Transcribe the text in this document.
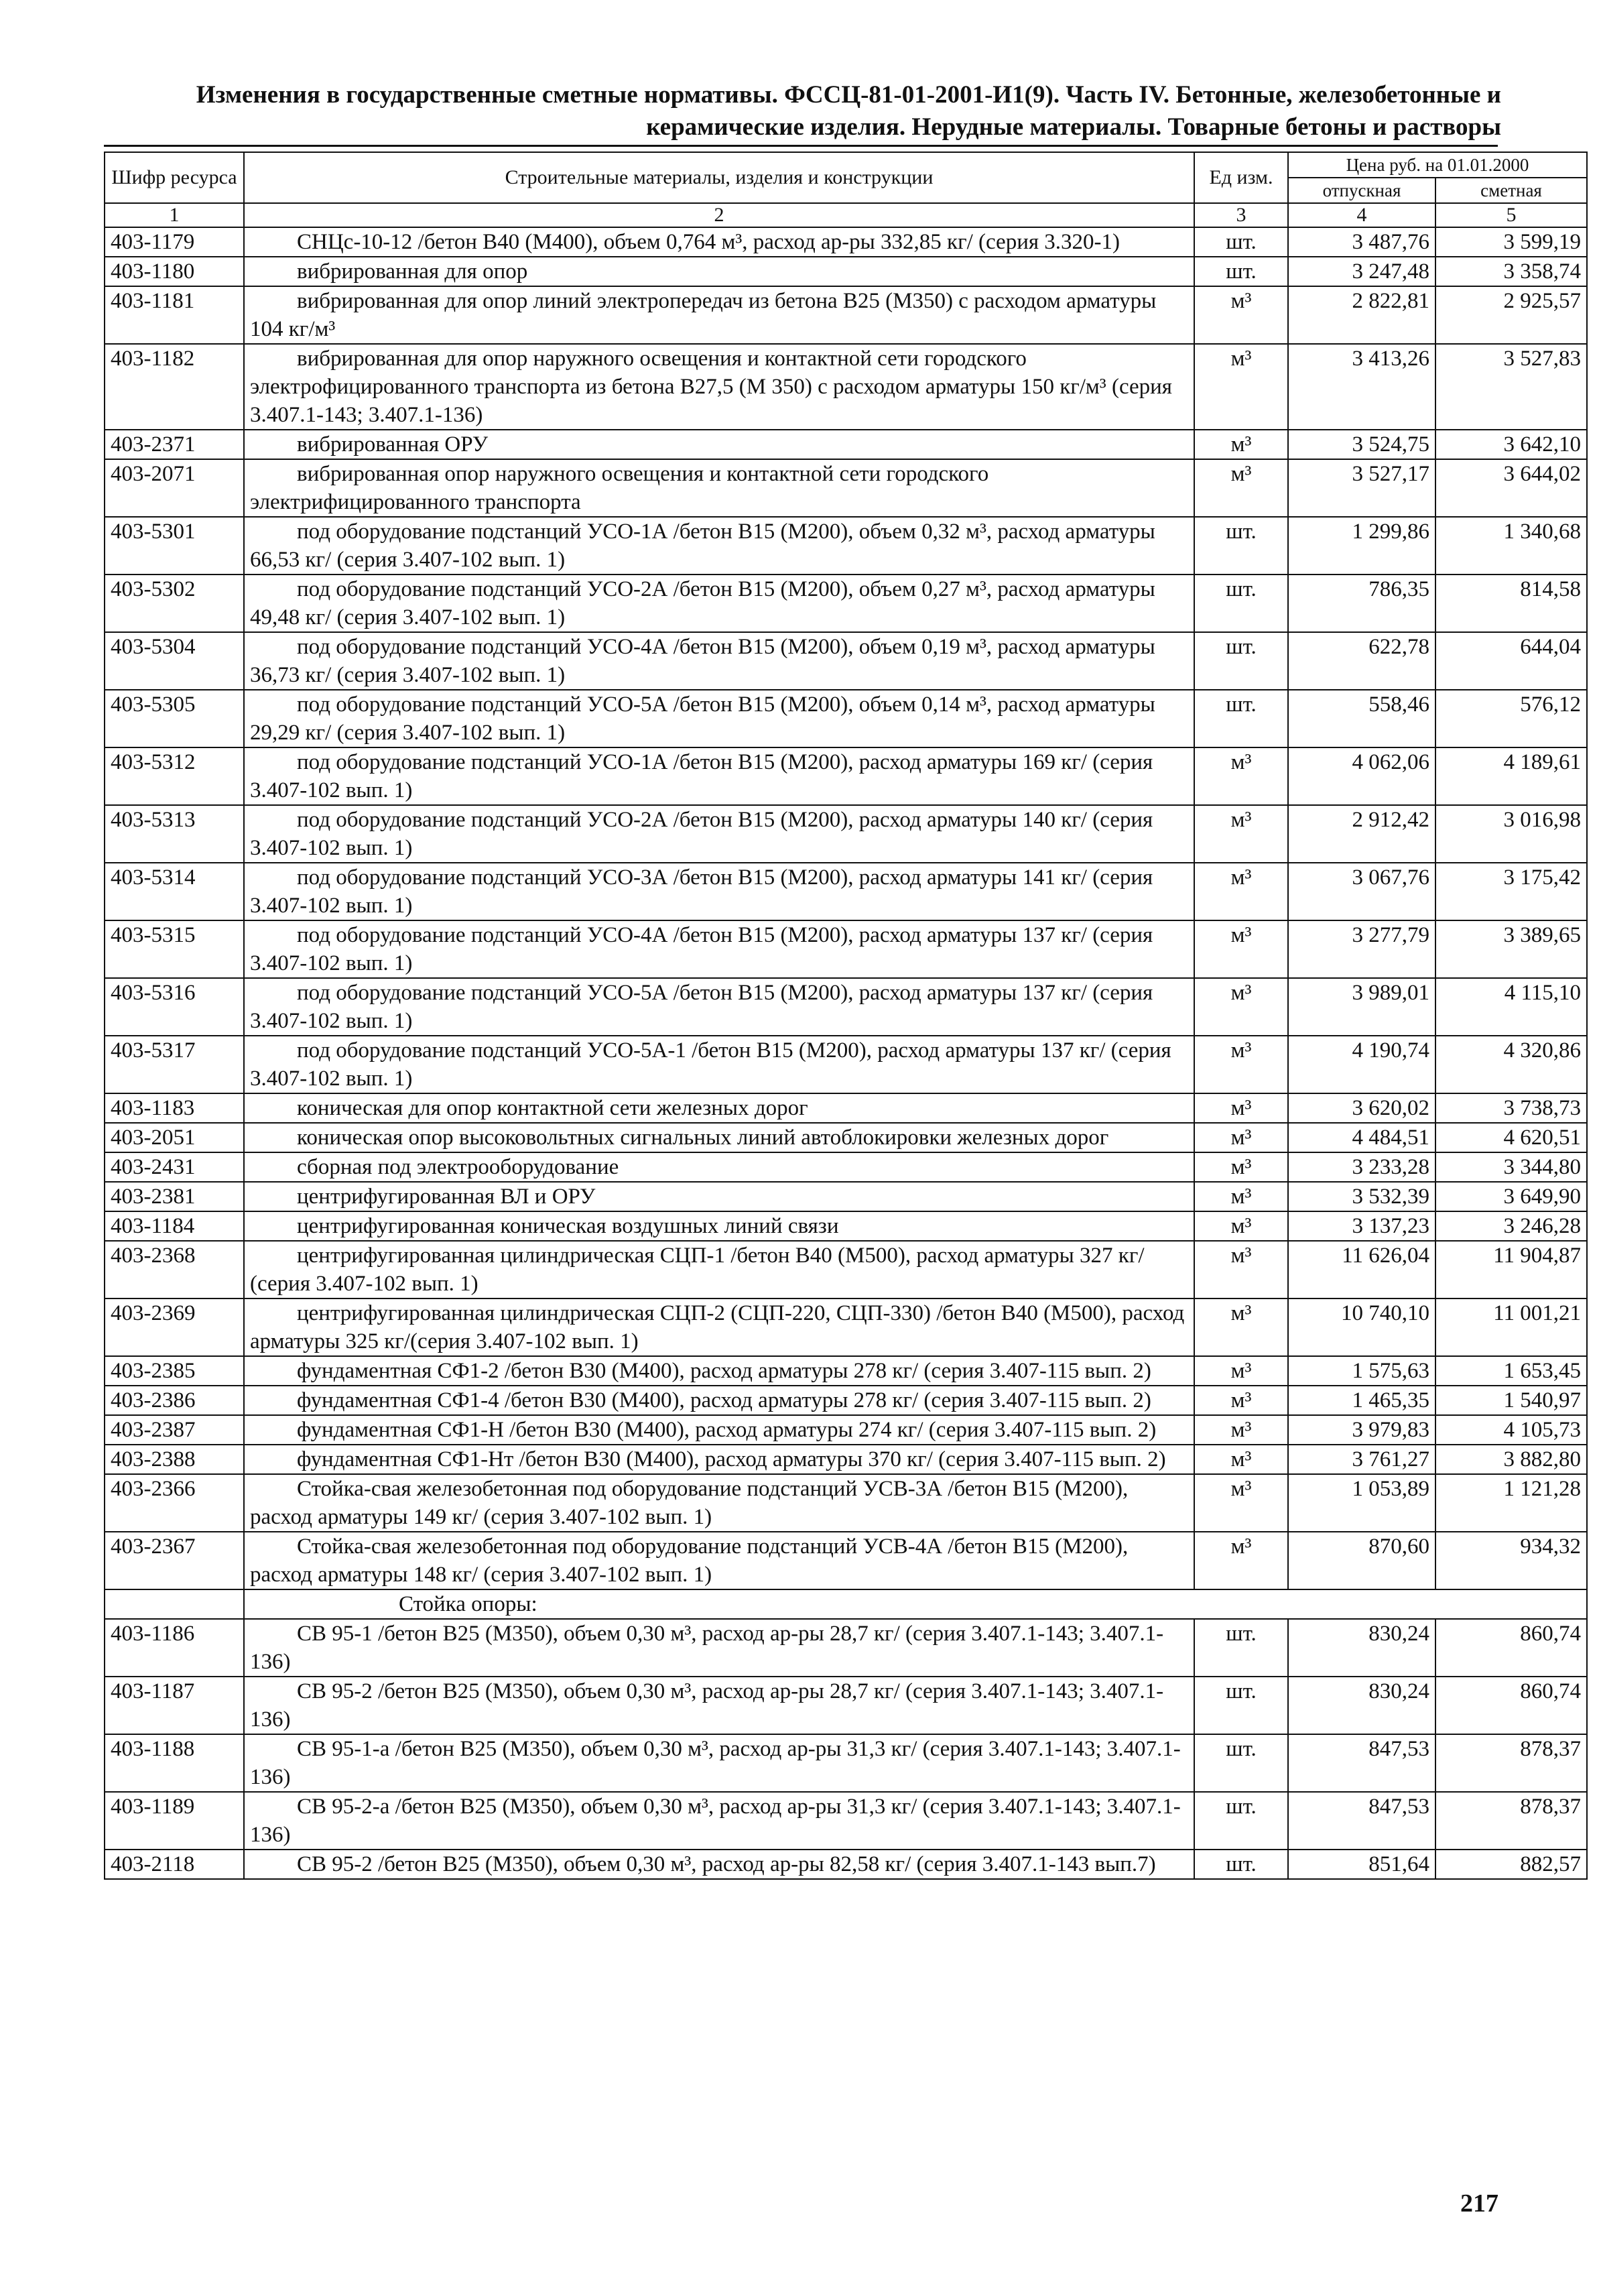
Изменения в государственные сметные нормативы. ФССЦ-81-01-2001-И1(9). Часть IV. Бетонные, железобетонные и
керамические изделия. Нерудные материалы. Товарные бетоны и растворы
Шифр ресурса	Строительные материалы, изделия и конструкции	Ед изм.	Цена руб. на 01.01.2000	
			отпускная	сметная
1	2	3	4	5
403-1179	СНЦс-10-12 /бетон В40 (М400), объем 0,764 м³, расход ар-ры 332,85 кг/ (серия 3.320-1)	шт.	3 487,76	3 599,19
403-1180	вибрированная для опор	шт.	3 247,48	3 358,74
403-1181	вибрированная для опор линий электропередач из бетона В25 (М350) с расходом арматуры 104 кг/м³	м³	2 822,81	2 925,57
403-1182	вибрированная для опор наружного освещения и контактной сети городского электрофицированного транспорта из бетона В27,5 (М 350) с расходом арматуры 150 кг/м³ (серия 3.407.1-143; 3.407.1-136)	м³	3 413,26	3 527,83
403-2371	вибрированная ОРУ	м³	3 524,75	3 642,10
403-2071	вибрированная опор наружного освещения и контактной сети городского электрифицированного транспорта	м³	3 527,17	3 644,02
403-5301	под оборудование подстанций УСО-1А /бетон В15 (М200), объем 0,32 м³, расход арматуры 66,53 кг/ (серия 3.407-102 вып. 1)	шт.	1 299,86	1 340,68
403-5302	под оборудование подстанций УСО-2А /бетон В15 (М200), объем 0,27 м³, расход арматуры 49,48 кг/ (серия 3.407-102 вып. 1)	шт.	786,35	814,58
403-5304	под оборудование подстанций УСО-4А /бетон В15 (М200), объем 0,19 м³, расход арматуры 36,73 кг/ (серия 3.407-102 вып. 1)	шт.	622,78	644,04
403-5305	под оборудование подстанций УСО-5А /бетон В15 (М200), объем 0,14 м³, расход арматуры 29,29 кг/ (серия 3.407-102 вып. 1)	шт.	558,46	576,12
403-5312	под оборудование подстанций УСО-1А /бетон В15 (М200), расход арматуры 169 кг/ (серия 3.407-102 вып. 1)	м³	4 062,06	4 189,61
403-5313	под оборудование подстанций УСО-2А /бетон В15 (М200), расход арматуры 140 кг/ (серия 3.407-102 вып. 1)	м³	2 912,42	3 016,98
403-5314	под оборудование подстанций УСО-3А /бетон В15 (М200), расход арматуры 141 кг/ (серия 3.407-102 вып. 1)	м³	3 067,76	3 175,42
403-5315	под оборудование подстанций УСО-4А /бетон В15 (М200), расход арматуры 137 кг/ (серия 3.407-102 вып. 1)	м³	3 277,79	3 389,65
403-5316	под оборудование подстанций УСО-5А /бетон В15 (М200), расход арматуры 137 кг/ (серия 3.407-102 вып. 1)	м³	3 989,01	4 115,10
403-5317	под оборудование подстанций УСО-5А-1 /бетон В15 (М200), расход арматуры 137 кг/ (серия 3.407-102 вып. 1)	м³	4 190,74	4 320,86
403-1183	коническая для опор контактной сети железных дорог	м³	3 620,02	3 738,73
403-2051	коническая опор высоковольтных сигнальных линий автоблокировки железных дорог	м³	4 484,51	4 620,51
403-2431	сборная под электрооборудование	м³	3 233,28	3 344,80
403-2381	центрифугированная ВЛ и ОРУ	м³	3 532,39	3 649,90
403-1184	центрифугированная коническая воздушных линий связи	м³	3 137,23	3 246,28
403-2368	центрифугированная цилиндрическая СЦП-1 /бетон В40 (М500), расход арматуры 327 кг/ (серия 3.407-102 вып. 1)	м³	11 626,04	11 904,87
403-2369	центрифугированная цилиндрическая СЦП-2 (СЦП-220, СЦП-330) /бетон В40 (М500), расход арматуры 325 кг/(серия 3.407-102 вып. 1)	м³	10 740,10	11 001,21
403-2385	фундаментная СФ1-2 /бетон В30 (М400), расход арматуры 278 кг/ (серия 3.407-115 вып. 2)	м³	1 575,63	1 653,45
403-2386	фундаментная СФ1-4 /бетон В30 (М400), расход арматуры 278 кг/ (серия 3.407-115 вып. 2)	м³	1 465,35	1 540,97
403-2387	фундаментная СФ1-Н /бетон В30 (М400), расход арматуры 274 кг/ (серия 3.407-115 вып. 2)	м³	3 979,83	4 105,73
403-2388	фундаментная СФ1-Нт /бетон В30 (М400), расход арматуры 370 кг/ (серия 3.407-115 вып. 2)	м³	3 761,27	3 882,80
403-2366	Стойка-свая железобетонная под оборудование подстанций УСВ-3А /бетон В15 (М200), расход арматуры 149 кг/ (серия 3.407-102 вып. 1)	м³	1 053,89	1 121,28
403-2367	Стойка-свая железобетонная под оборудование подстанций УСВ-4А /бетон В15 (М200), расход арматуры 148 кг/ (серия 3.407-102 вып. 1)	м³	870,60	934,32
	Стойка опоры:			
403-1186	СВ 95-1 /бетон В25 (М350), объем 0,30 м³, расход ар-ры 28,7 кг/ (серия 3.407.1-143; 3.407.1-136)	шт.	830,24	860,74
403-1187	СВ 95-2 /бетон В25 (М350), объем 0,30 м³, расход ар-ры 28,7 кг/ (серия 3.407.1-143; 3.407.1-136)	шт.	830,24	860,74
403-1188	СВ 95-1-а /бетон В25 (М350), объем 0,30 м³, расход ар-ры 31,3 кг/ (серия 3.407.1-143; 3.407.1-136)	шт.	847,53	878,37
403-1189	СВ 95-2-а /бетон В25 (М350), объем 0,30 м³, расход ар-ры 31,3 кг/ (серия 3.407.1-143; 3.407.1-136)	шт.	847,53	878,37
403-2118	СВ 95-2 /бетон В25 (М350), объем 0,30 м³, расход ар-ры 82,58 кг/ (серия 3.407.1-143 вып.7)	шт.	851,64	882,57
217
